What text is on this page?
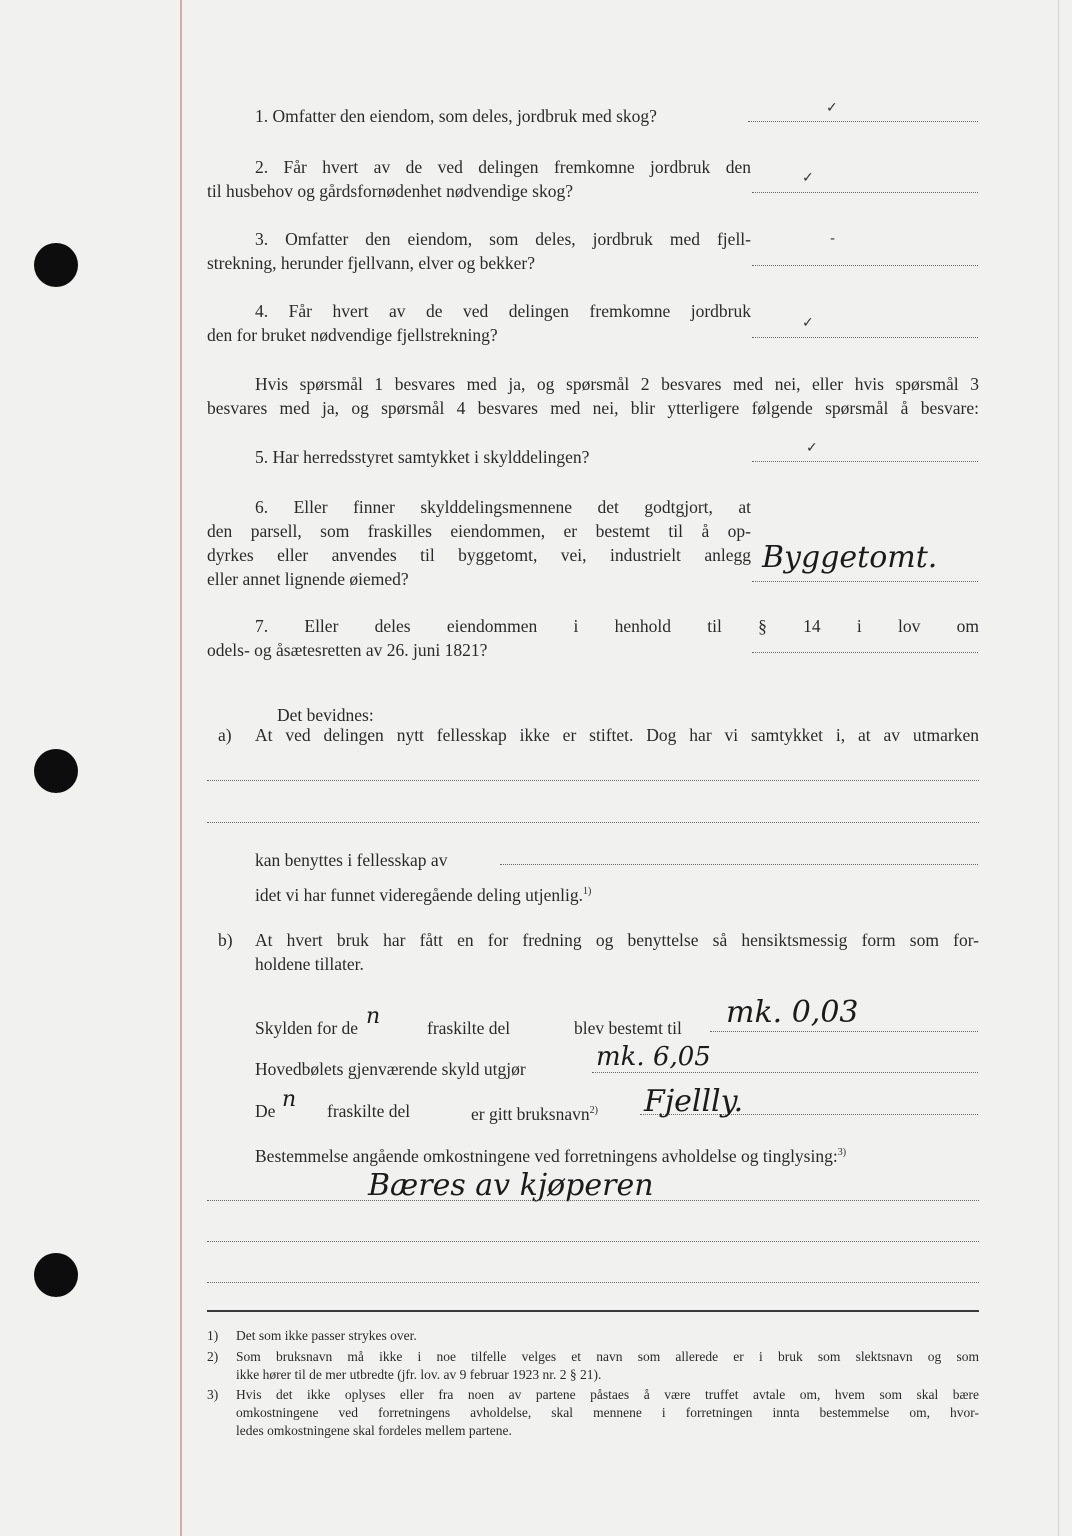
1. Omfatter den eiendom, som deles, jordbruk med skog?	✓
2. Får hvert av de ved delingen fremkomne jordbruk den
til husbehov og gårdsfornødenhet nødvendige skog?
✓
3. Omfatter den eiendom, som deles, jordbruk med fjell-
strekning, herunder fjellvann, elver og bekker?
-
4. Får hvert av de ved delingen fremkomne jordbruk
den for bruket nødvendige fjellstrekning?
✓
Hvis spørsmål 1 besvares med ja, og spørsmål 2 besvares med nei, eller hvis spørsmål 3
besvares med ja, og spørsmål 4 besvares med nei, blir ytterligere følgende spørsmål å besvare:
5. Har herredsstyret samtykket i skylddelingen?	✓
6. Eller finner skylddelingsmennene det godtgjort, at
den parsell, som fraskilles eiendommen, er bestemt til å op-
dyrkes eller anvendes til byggetomt, vei, industrielt anlegg
eller annet lignende øiemed?
Byggetomt.
7. Eller deles eiendommen i henhold til § 14 i lov om
odels- og åsætesretten av 26. juni 1821?
Det bevidnes:
a) At ved delingen nytt fellesskap ikke er stiftet. Dog har vi samtykket i, at av utmarken
kan benyttes i fellesskap av
idet vi har funnet videregående deling utjenlig.$^{1)}$
b) At hvert bruk har fått en for fredning og benyttelse så hensiktsmessig form som for-
holdene tillater.
Skylden for de n	fraskilte del	blev bestemt til mk. 0,03
Hovedbølets gjenværende skyld utgjør	mk. 6,05
De n fraskilte del	er gitt bruksnavn$^{2)}$ Fjellly.
Bestemmelse angående omkostningene ved forretningens avholdelse og tinglysing:$^{3)}$
Bæres av kjøperen
1) Det som ikke passer strykes over.
2) Som bruksnavn må ikke i noe tilfelle velges et navn som allerede er i bruk som slektsnavn og som
ikke hører til de mer utbredte (jfr. lov. av 9 februar 1923 nr. 2 § 21).
3) Hvis det ikke oplyses eller fra noen av partene påstaes å være truffet avtale om, hvem som skal bære
omkostningene ved forretningens avholdelse, skal mennene i forretningen innta bestemmelse om, hvor-
ledes omkostningene skal fordeles mellem partene.
